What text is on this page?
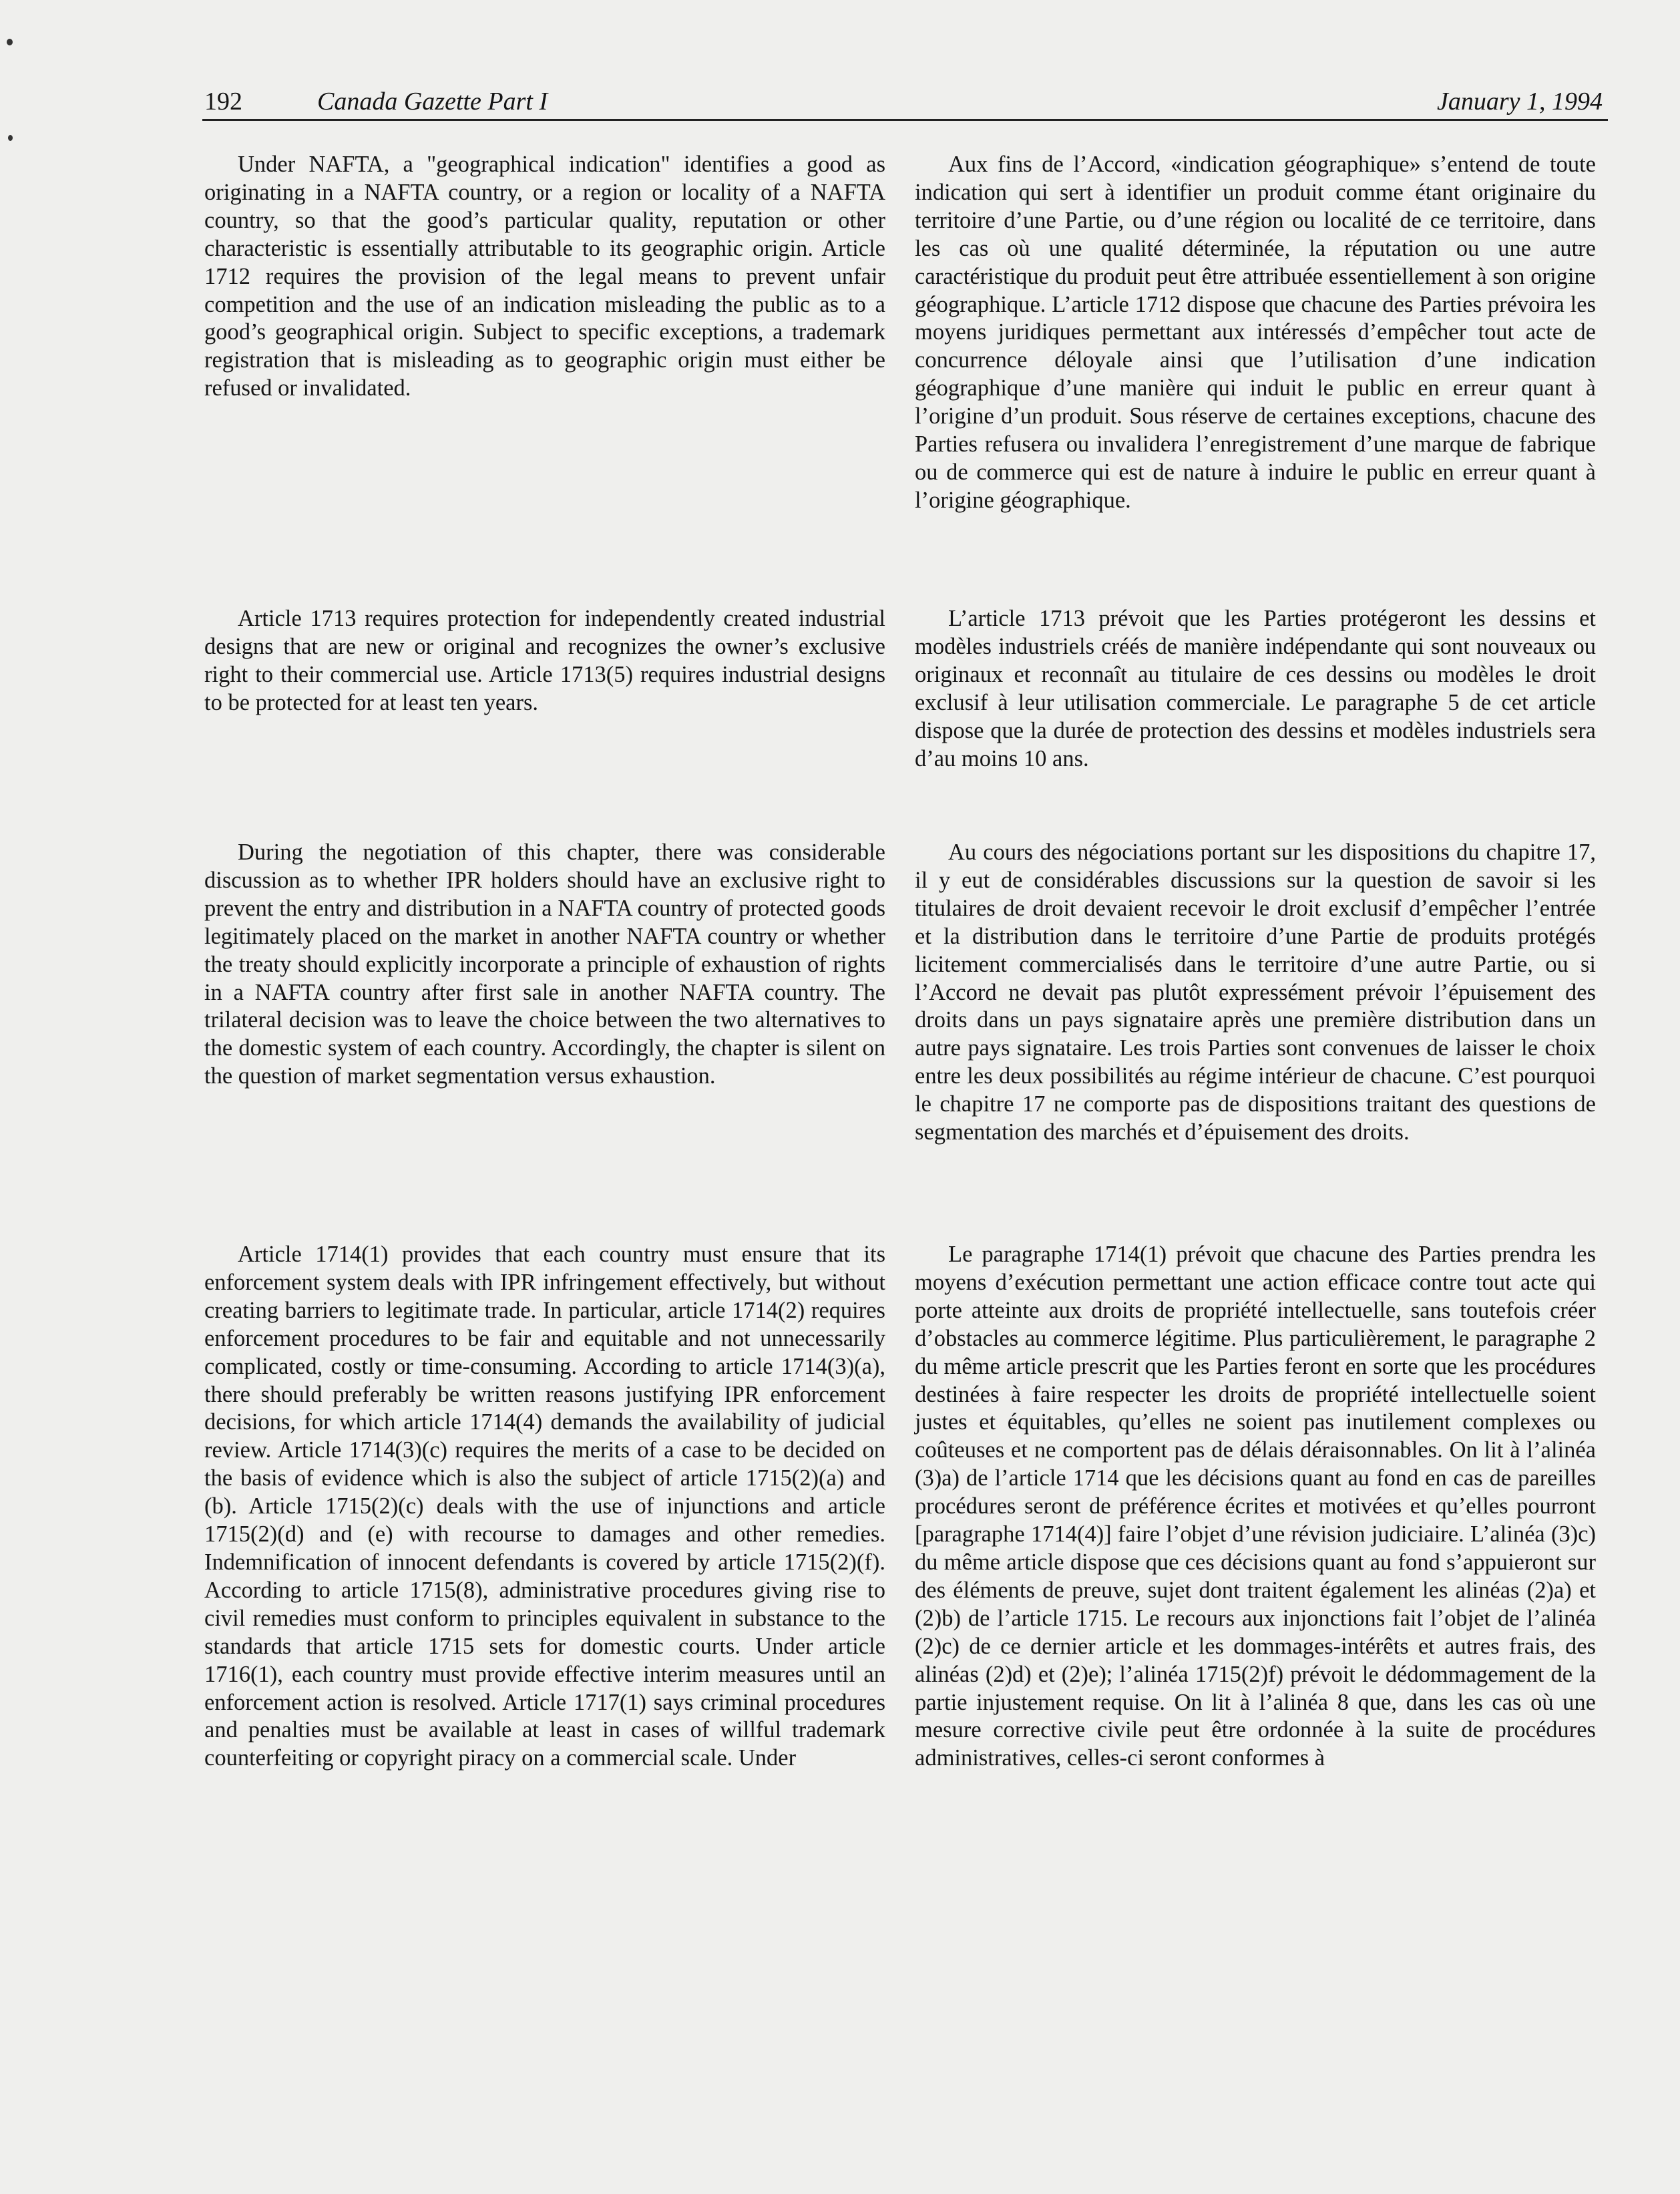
192	Canada Gazette Part I	January 1, 1994

Under NAFTA, a "geographical indication" identifies a good as originating in a NAFTA country, or a region or locality of a NAFTA country, so that the good’s particular quality, reputation or other characteristic is essentially attributable to its geographic origin. Article 1712 requires the provision of the legal means to prevent unfair competition and the use of an indication misleading the public as to a good’s geographical origin. Subject to specific exceptions, a trademark registration that is misleading as to geographic origin must either be refused or invalidated.

Article 1713 requires protection for independently created industrial designs that are new or original and recognizes the owner’s exclusive right to their commercial use. Article 1713(5) requires industrial designs to be protected for at least ten years.

During the negotiation of this chapter, there was considerable discussion as to whether IPR holders should have an exclusive right to prevent the entry and distribution in a NAFTA country of protected goods legitimately placed on the market in another NAFTA country or whether the treaty should explicitly incorporate a principle of exhaustion of rights in a NAFTA country after first sale in another NAFTA country. The trilateral decision was to leave the choice between the two alternatives to the domestic system of each country. Accordingly, the chapter is silent on the question of market segmentation versus exhaustion.

Article 1714(1) provides that each country must ensure that its enforcement system deals with IPR infringement effectively, but without creating barriers to legitimate trade. In particular, article 1714(2) requires enforcement procedures to be fair and equitable and not unnecessarily complicated, costly or time-consuming. According to article 1714(3)(a), there should preferably be written reasons justifying IPR enforcement decisions, for which article 1714(4) demands the availability of judicial review. Article 1714(3)(c) requires the merits of a case to be decided on the basis of evidence which is also the subject of article 1715(2)(a) and (b). Article 1715(2)(c) deals with the use of injunctions and article 1715(2)(d) and (e) with recourse to damages and other remedies. Indemnification of innocent defendants is covered by article 1715(2)(f). According to article 1715(8), administrative procedures giving rise to civil remedies must conform to principles equivalent in substance to the standards that article 1715 sets for domestic courts. Under article 1716(1), each country must provide effective interim measures until an enforcement action is resolved. Article 1717(1) says criminal procedures and penalties must be available at least in cases of willful trademark counterfeiting or copyright piracy on a commercial scale. Under

Aux fins de l’Accord, «indication géographique» s’entend de toute indication qui sert à identifier un produit comme étant originaire du territoire d’une Partie, ou d’une région ou localité de ce territoire, dans les cas où une qualité déterminée, la réputation ou une autre caractéristique du produit peut être attribuée essentiellement à son origine géographique. L’article 1712 dispose que chacune des Parties prévoira les moyens juridiques permettant aux intéressés d’empêcher tout acte de concurrence déloyale ainsi que l’utilisation d’une indication géographique d’une manière qui induit le public en erreur quant à l’origine d’un produit. Sous réserve de certaines exceptions, chacune des Parties refusera ou invalidera l’enregistrement d’une marque de fabrique ou de commerce qui est de nature à induire le public en erreur quant à l’origine géographique.

L’article 1713 prévoit que les Parties protégeront les dessins et modèles industriels créés de manière indépendante qui sont nouveaux ou originaux et reconnaît au titulaire de ces dessins ou modèles le droit exclusif à leur utilisation commerciale. Le paragraphe 5 de cet article dispose que la durée de protection des dessins et modèles industriels sera d’au moins 10 ans.

Au cours des négociations portant sur les dispositions du chapitre 17, il y eut de considérables discussions sur la question de savoir si les titulaires de droit devaient recevoir le droit exclusif d’empêcher l’entrée et la distribution dans le territoire d’une Partie de produits protégés licitement commercialisés dans le territoire d’une autre Partie, ou si l’Accord ne devait pas plutôt expressément prévoir l’épuisement des droits dans un pays signataire après une première distribution dans un autre pays signataire. Les trois Parties sont convenues de laisser le choix entre les deux possibilités au régime intérieur de chacune. C’est pourquoi le chapitre 17 ne comporte pas de dispositions traitant des questions de segmentation des marchés et d’épuisement des droits.

Le paragraphe 1714(1) prévoit que chacune des Parties prendra les moyens d’exécution permettant une action efficace contre tout acte qui porte atteinte aux droits de propriété intellectuelle, sans toutefois créer d’obstacles au commerce légitime. Plus particulièrement, le paragraphe 2 du même article prescrit que les Parties feront en sorte que les procédures destinées à faire respecter les droits de propriété intellectuelle soient justes et équitables, qu’elles ne soient pas inutilement complexes ou coûteuses et ne comportent pas de délais déraisonnables. On lit à l’alinéa (3)a) de l’article 1714 que les décisions quant au fond en cas de pareilles procédures seront de préférence écrites et motivées et qu’elles pourront [paragraphe 1714(4)] faire l’objet d’une révision judiciaire. L’alinéa (3)c) du même article dispose que ces décisions quant au fond s’appuieront sur des éléments de preuve, sujet dont traitent également les alinéas (2)a) et (2)b) de l’article 1715. Le recours aux injonctions fait l’objet de l’alinéa (2)c) de ce dernier article et les dommages-intérêts et autres frais, des alinéas (2)d) et (2)e); l’alinéa 1715(2)f) prévoit le dédommagement de la partie injustement requise. On lit à l’alinéa 8 que, dans les cas où une mesure corrective civile peut être ordonnée à la suite de procédures administratives, celles-ci seront conformes à
